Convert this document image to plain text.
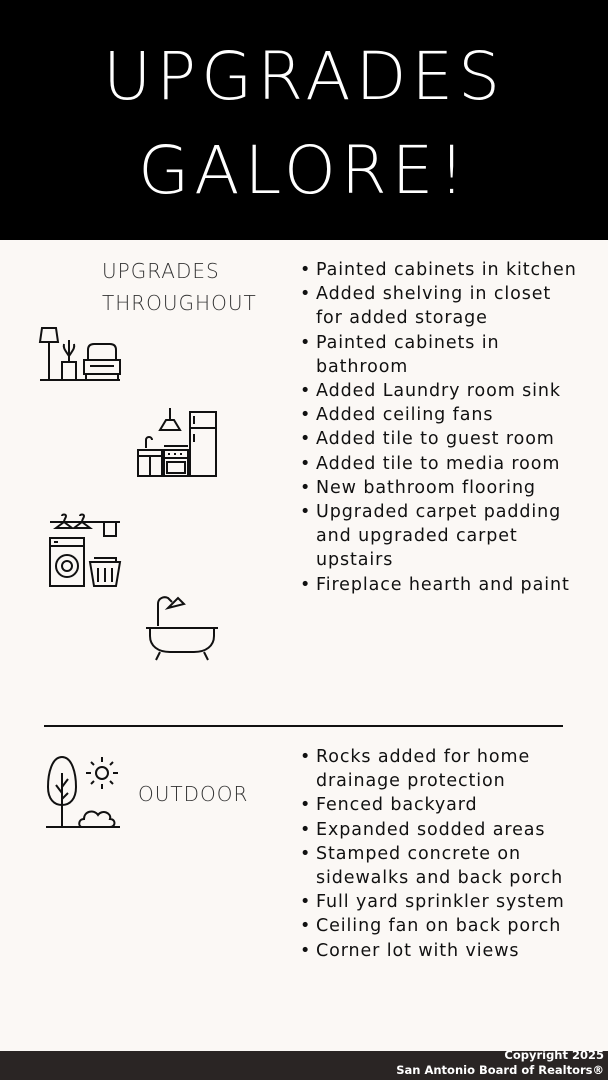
UPGRADES
GALORE!
UPGRADES
THROUGHOUT
• Painted cabinets in kitchen
• Added shelving in closet for added storage
• Painted cabinets in bathroom
• Added Laundry room sink
• Added ceiling fans
• Added tile to guest room
• Added tile to media room
• New bathroom flooring
• Upgraded carpet padding and upgraded carpet upstairs
• Fireplace hearth and paint
OUTDOOR
• Rocks added for home drainage protection
• Fenced backyard
• Expanded sodded areas
• Stamped concrete on sidewalks and back porch
• Full yard sprinkler system
• Ceiling fan on back porch
• Corner lot with views
Copyright 2025
San Antonio Board of Realtors®
